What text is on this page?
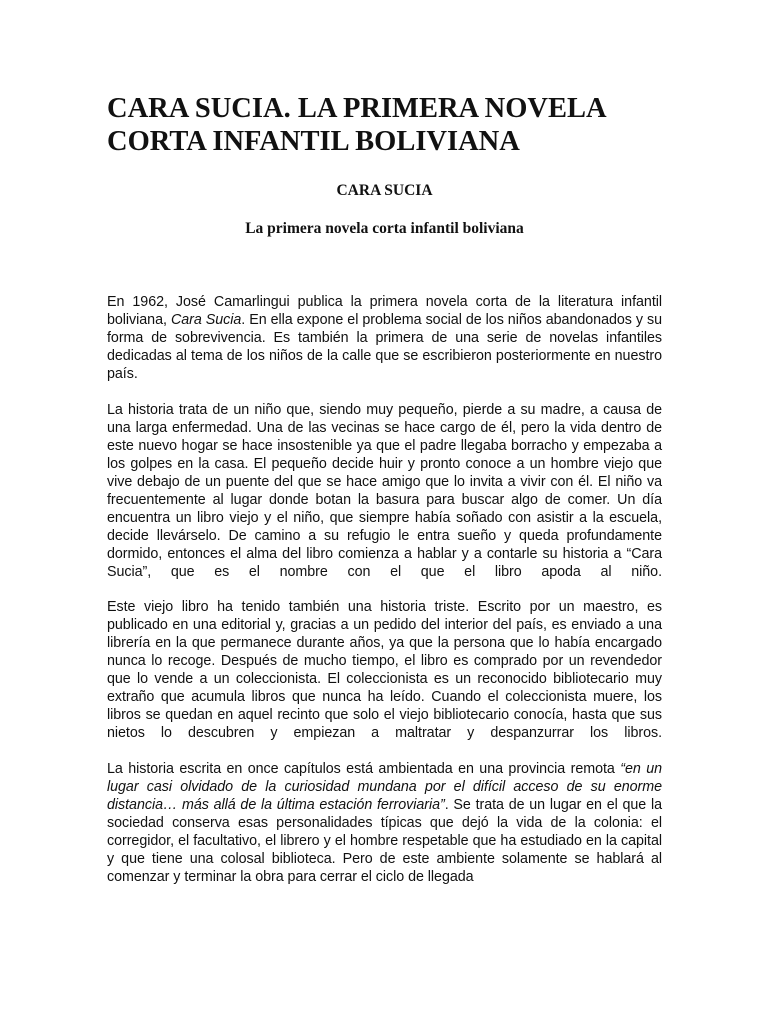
CARA SUCIA. LA PRIMERA NOVELA CORTA INFANTIL BOLIVIANA

CARA SUCIA

La primera novela corta infantil boliviana

En 1962, José Camarlingui publica la primera novela corta de la literatura infantil boliviana, Cara Sucia. En ella expone el problema social de los niños abandonados y su forma de sobrevivencia. Es también la primera de una serie de novelas infantiles dedicadas al tema de los niños de la calle que se escribieron posteriormente en nuestro país.

La historia trata de un niño que, siendo muy pequeño, pierde a su madre, a causa de una larga enfermedad. Una de las vecinas se hace cargo de él, pero la vida dentro de este nuevo hogar se hace insostenible ya que el padre llegaba borracho y empezaba a los golpes en la casa. El pequeño decide huir y pronto conoce a un hombre viejo que vive debajo de un puente del que se hace amigo que lo invita a vivir con él. El niño va frecuentemente al lugar donde botan la basura para buscar algo de comer. Un día encuentra un libro viejo y el niño, que siempre había soñado con asistir a la escuela, decide llevárselo. De camino a su refugio le entra sueño y queda profundamente dormido, entonces el alma del libro comienza a hablar y a contarle su historia a “Cara Sucia”, que es el nombre con el que el libro apoda al niño.

Este viejo libro ha tenido también una historia triste. Escrito por un maestro, es publicado en una editorial y, gracias a un pedido del interior del país, es enviado a una librería en la que permanece durante años, ya que la persona que lo había encargado nunca lo recoge. Después de mucho tiempo, el libro es comprado por un revendedor que lo vende a un coleccionista. El coleccionista es un reconocido bibliotecario muy extraño que acumula libros que nunca ha leído. Cuando el coleccionista muere, los libros se quedan en aquel recinto que solo el viejo bibliotecario conocía, hasta que sus nietos lo descubren y empiezan a maltratar y despanzurrar los libros.

La historia escrita en once capítulos está ambientada en una provincia remota “en un lugar casi olvidado de la curiosidad mundana por el difícil acceso de su enorme distancia… más allá de la última estación ferroviaria”. Se trata de un lugar en el que la sociedad conserva esas personalidades típicas que dejó la vida de la colonia: el corregidor, el facultativo, el librero y el hombre respetable que ha estudiado en la capital y que tiene una colosal biblioteca. Pero de este ambiente solamente se hablará al comenzar y terminar la obra para cerrar el ciclo de llegada
